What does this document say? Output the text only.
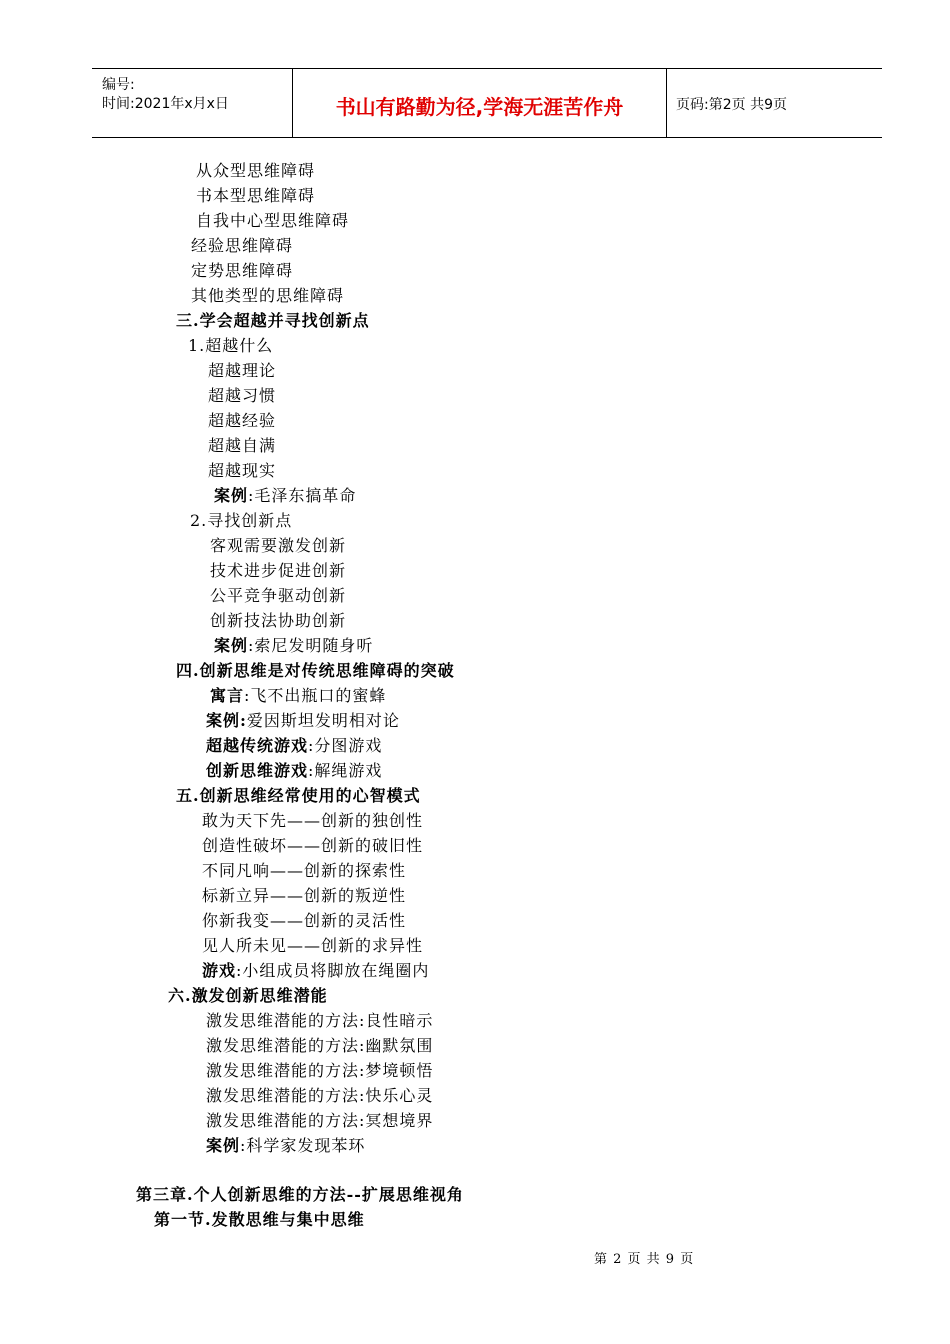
编号:
时间:2021年x月x日	书山有路勤为径,学海无涯苦作舟	页码:第2页 共9页
从众型思维障碍
书本型思维障碍
自我中心型思维障碍
经验思维障碍
定势思维障碍
其他类型的思维障碍
三.学会超越并寻找创新点
1.超越什么
超越理论
超越习惯
超越经验
超越自满
超越现实
案例:毛泽东搞革命
2.寻找创新点
客观需要激发创新
技术进步促进创新
公平竞争驱动创新
创新技法协助创新
案例:索尼发明随身听
四.创新思维是对传统思维障碍的突破
寓言:飞不出瓶口的蜜蜂
案例:爱因斯坦发明相对论
超越传统游戏:分图游戏
创新思维游戏:解绳游戏
五.创新思维经常使用的心智模式
敢为天下先——创新的独创性
创造性破坏——创新的破旧性
不同凡响——创新的探索性
标新立异——创新的叛逆性
你新我变——创新的灵活性
见人所未见——创新的求异性
游戏:小组成员将脚放在绳圈内
六.激发创新思维潜能
激发思维潜能的方法:良性暗示
激发思维潜能的方法:幽默氛围
激发思维潜能的方法:梦境顿悟
激发思维潜能的方法:快乐心灵
激发思维潜能的方法:冥想境界
案例:科学家发现苯环
第三章.个人创新思维的方法--扩展思维视角
第一节.发散思维与集中思维
第 2 页 共 9 页
